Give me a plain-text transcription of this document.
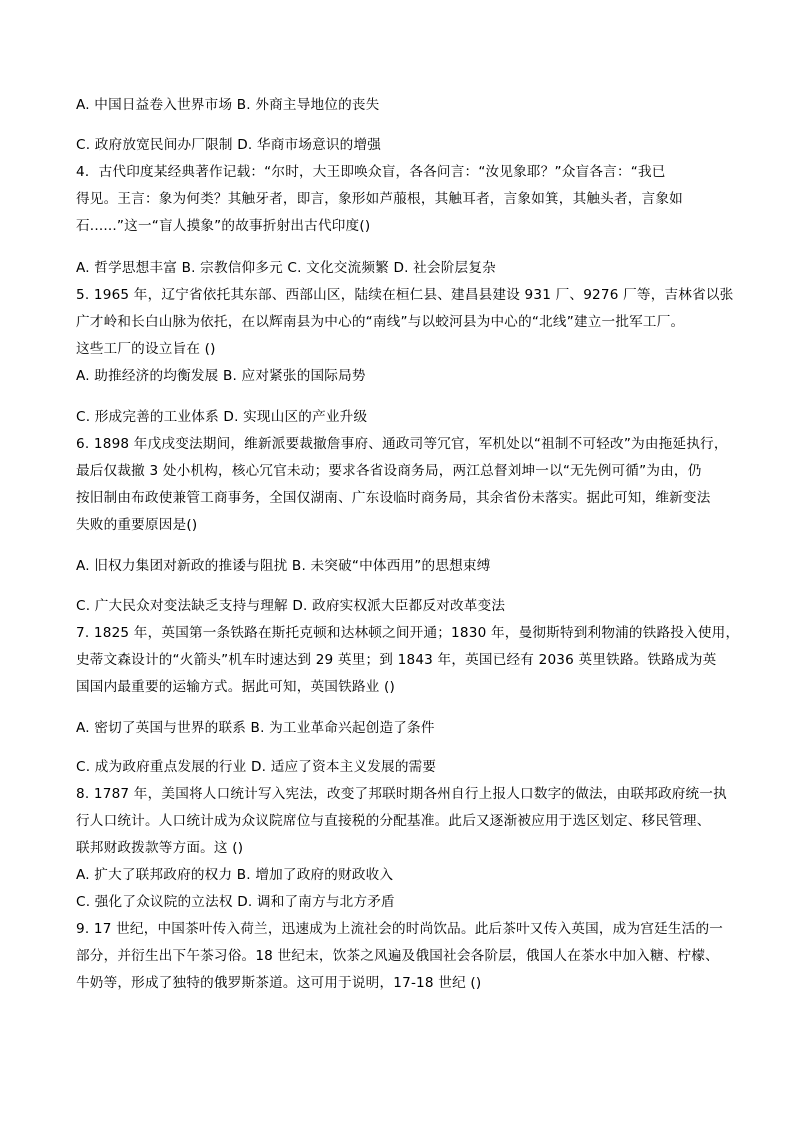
A. 中国日益卷入世界市场 B. 外商主导地位的丧失
C. 政府放宽民间办厂限制 D. 华商市场意识的增强
4．古代印度某经典著作记载：“尔时，大王即唤众盲，各各问言：“汝见象耶？”众盲各言：“我已
得见。王言：象为何类？其触牙者，即言，象形如芦菔根，其触耳者，言象如箕，其触头者，言象如
石......”这一“盲人摸象”的故事折射出古代印度()
A. 哲学思想丰富 B. 宗教信仰多元 C. 文化交流频繁 D. 社会阶层复杂
5. 1965 年，辽宁省依托其东部、西部山区，陆续在桓仁县、建昌县建设 931 厂、9276 厂等，吉林省以张
广才岭和长白山脉为依托，在以辉南县为中心的“南线”与以蛟河县为中心的“北线”建立一批军工厂。
这些工厂的设立旨在 ()
A. 助推经济的均衡发展 B. 应对紧张的国际局势
C. 形成完善的工业体系 D. 实现山区的产业升级
6. 1898 年戊戌变法期间，维新派要裁撤詹事府、通政司等冗官，军机处以“祖制不可轻改”为由拖延执行，
最后仅裁撤 3 处小机构，核心冗官未动；要求各省设商务局，两江总督刘坤一以“无先例可循”为由，仍
按旧制由布政使兼管工商事务，全国仅湖南、广东设临时商务局，其余省份未落实。据此可知，维新变法
失败的重要原因是()
A. 旧权力集团对新政的推诿与阻扰 B. 未突破“中体西用”的思想束缚
C. 广大民众对变法缺乏支持与理解 D. 政府实权派大臣都反对改革变法
7. 1825 年，英国第一条铁路在斯托克顿和达林顿之间开通；1830 年，曼彻斯特到利物浦的铁路投入使用，
史蒂文森设计的“火箭头”机车时速达到 29 英里；到 1843 年，英国已经有 2036 英里铁路。铁路成为英
国国内最重要的运输方式。据此可知，英国铁路业 ()
A. 密切了英国与世界的联系 B. 为工业革命兴起创造了条件
C. 成为政府重点发展的行业 D. 适应了资本主义发展的需要
8. 1787 年，美国将人口统计写入宪法，改变了邦联时期各州自行上报人口数字的做法，由联邦政府统一执
行人口统计。人口统计成为众议院席位与直接税的分配基准。此后又逐渐被应用于选区划定、移民管理、
联邦财政拨款等方面。这 ()
A. 扩大了联邦政府的权力 B. 增加了政府的财政收入
C. 强化了众议院的立法权 D. 调和了南方与北方矛盾
9. 17 世纪，中国茶叶传入荷兰，迅速成为上流社会的时尚饮品。此后茶叶又传入英国，成为宫廷生活的一
部分，并衍生出下午茶习俗。18 世纪末，饮茶之风遍及俄国社会各阶层，俄国人在茶水中加入糖、柠檬、
牛奶等，形成了独特的俄罗斯茶道。这可用于说明，17-18 世纪 ()
